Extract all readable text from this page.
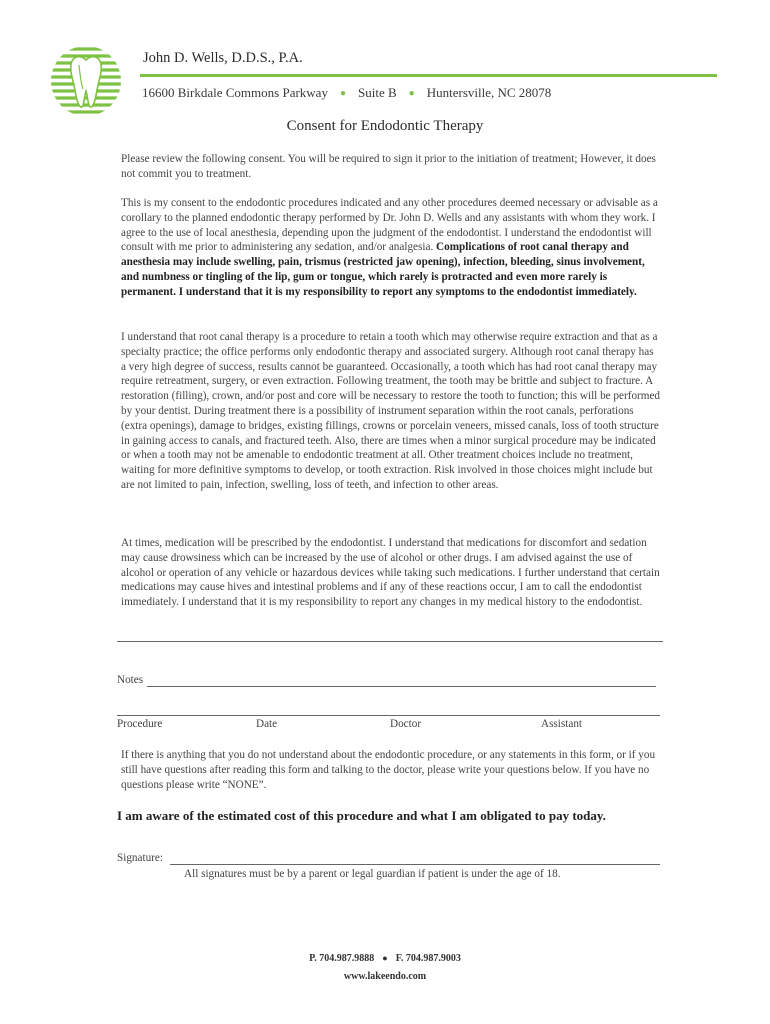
John D. Wells, D.D.S., P.A.
16600 Birkdale Commons Parkway ● Suite B ● Huntersville, NC 28078
Consent for Endodontic Therapy

Please review the following consent. You will be required to sign it prior to the initiation of treatment; However, it does not commit you to treatment.

This is my consent to the endodontic procedures indicated and any other procedures deemed necessary or advisable as a corollary to the planned endodontic therapy performed by Dr. John D. Wells and any assistants with whom they work. I agree to the use of local anesthesia, depending upon the judgment of the endodontist. I understand the endodontist will consult with me prior to administering any sedation, and/or analgesia. Complications of root canal therapy and anesthesia may include swelling, pain, trismus (restricted jaw opening), infection, bleeding, sinus involvement, and numbness or tingling of the lip, gum or tongue, which rarely is protracted and even more rarely is permanent. I understand that it is my responsibility to report any symptoms to the endodontist immediately.

I understand that root canal therapy is a procedure to retain a tooth which may otherwise require extraction and that as a specialty practice; the office performs only endodontic therapy and associated surgery. Although root canal therapy has a very high degree of success, results cannot be guaranteed. Occasionally, a tooth which has had root canal therapy may require retreatment, surgery, or even extraction. Following treatment, the tooth may be brittle and subject to fracture. A restoration (filling), crown, and/or post and core will be necessary to restore the tooth to function; this will be performed by your dentist. During treatment there is a possibility of instrument separation within the root canals, perforations (extra openings), damage to bridges, existing fillings, crowns or porcelain veneers, missed canals, loss of tooth structure in gaining access to canals, and fractured teeth. Also, there are times when a minor surgical procedure may be indicated or when a tooth may not be amenable to endodontic treatment at all. Other treatment choices include no treatment, waiting for more definitive symptoms to develop, or tooth extraction. Risk involved in those choices might include but are not limited to pain, infection, swelling, loss of teeth, and infection to other areas.

At times, medication will be prescribed by the endodontist. I understand that medications for discomfort and sedation may cause drowsiness which can be increased by the use of alcohol or other drugs. I am advised against the use of alcohol or operation of any vehicle or hazardous devices while taking such medications. I further understand that certain medications may cause hives and intestinal problems and if any of these reactions occur, I am to call the endodontist immediately. I understand that it is my responsibility to report any changes in my medical history to the endodontist.

Notes
Procedure	Date	Doctor	Assistant

If there is anything that you do not understand about the endodontic procedure, or any statements in this form, or if you still have questions after reading this form and talking to the doctor, please write your questions below. If you have no questions please write “NONE”.

I am aware of the estimated cost of this procedure and what I am obligated to pay today.
Signature:
All signatures must be by a parent or legal guardian if patient is under the age of 18.
P. 704.987.9888 ● F. 704.987.9003
www.lakeendo.com
